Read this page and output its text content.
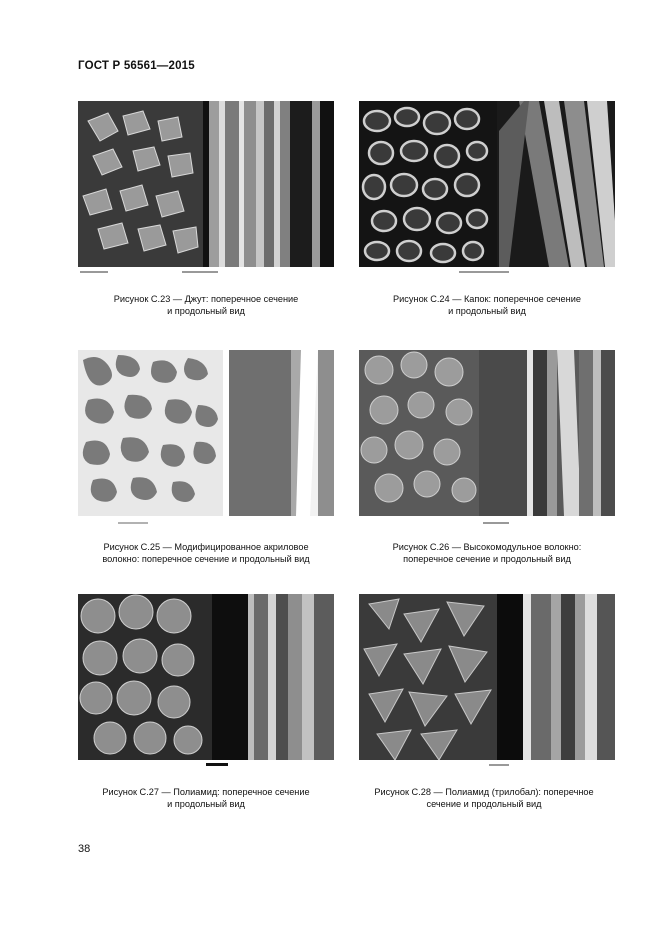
ГОСТ Р 56561—2015
Рисунок С.23 — Джут: поперечное сечение
и продольный вид
Рисунок С.24 — Капок: поперечное сечение
и продольный вид
Рисунок С.25 — Модифицированное акриловое
волокно: поперечное сечение и продольный вид
Рисунок С.26 — Высокомодульное волокно:
поперечное сечение и продольный вид
Рисунок С.27 — Полиамид: поперечное сечение
и продольный вид
Рисунок С.28 — Полиамид (трилобал): поперечное
сечение и продольный вид
38
